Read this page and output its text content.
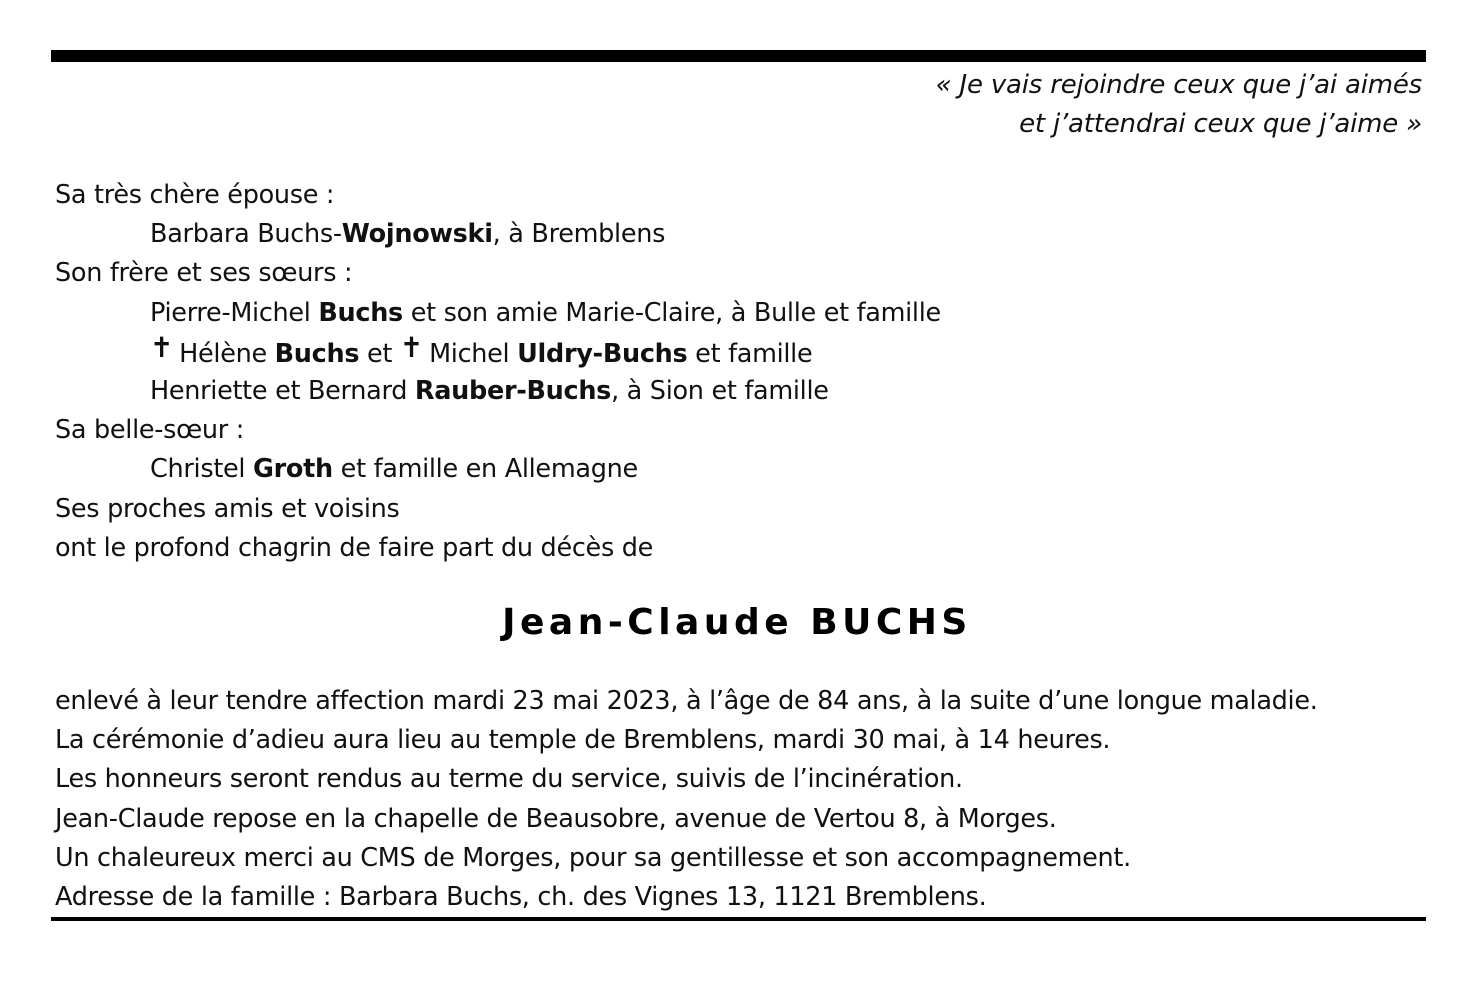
« Je vais rejoindre ceux que j’ai aimés
et j’attendrai ceux que j’aime »
Sa très chère épouse :
Barbara Buchs-Wojnowski, à Bremblens
Son frère et ses sœurs :
Pierre-Michel Buchs et son amie Marie-Claire, à Bulle et famille
✝ Hélène Buchs et ✝ Michel Uldry-Buchs et famille
Henriette et Bernard Rauber-Buchs, à Sion et famille
Sa belle-sœur :
Christel Groth et famille en Allemagne
Ses proches amis et voisins
ont le profond chagrin de faire part du décès de
Jean-Claude BUCHS
enlevé à leur tendre affection mardi 23 mai 2023, à l’âge de 84 ans, à la suite d’une longue maladie.
La cérémonie d’adieu aura lieu au temple de Bremblens, mardi 30 mai, à 14 heures.
Les honneurs seront rendus au terme du service, suivis de l’incinération.
Jean-Claude repose en la chapelle de Beausobre, avenue de Vertou 8, à Morges.
Un chaleureux merci au CMS de Morges, pour sa gentillesse et son accompagnement.
Adresse de la famille : Barbara Buchs, ch. des Vignes 13, 1121 Bremblens.
